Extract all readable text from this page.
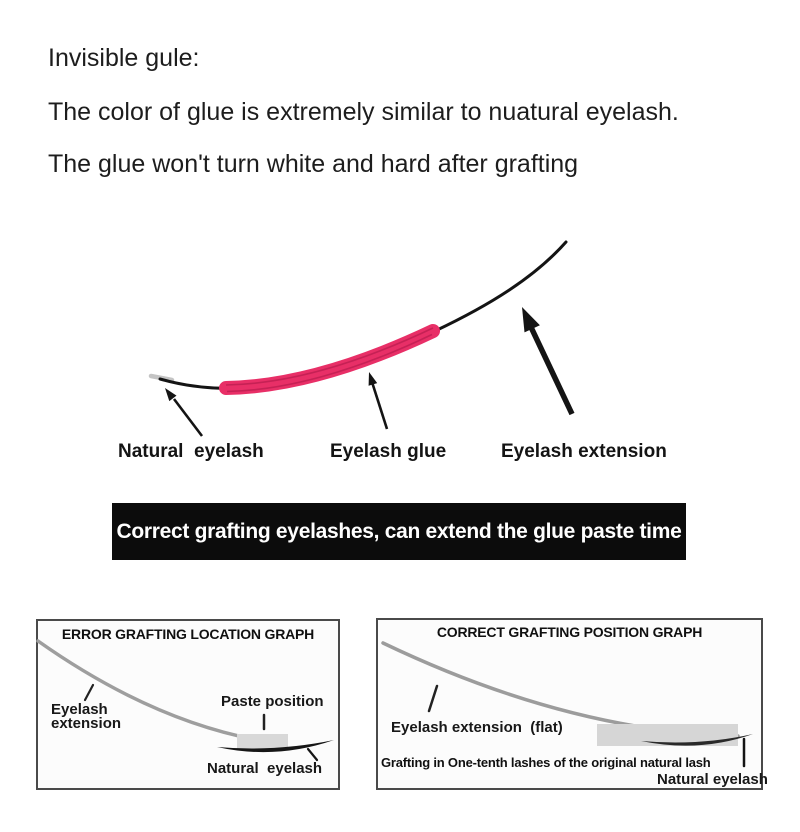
Invisible gule:
The color of glue is extremely similar to nuatural eyelash.
The glue won't turn white and hard after grafting
Natural  eyelash	Eyelash glue	Eyelash extension
Correct grafting eyelashes, can extend the glue paste time
ERROR GRAFTING LOCATION GRAPH
Eyelash
extension
Paste position
Natural  eyelash
CORRECT GRAFTING POSITION GRAPH
Eyelash extension  (flat)
Grafting in One-tenth lashes of the original natural lash
Natural eyelash
